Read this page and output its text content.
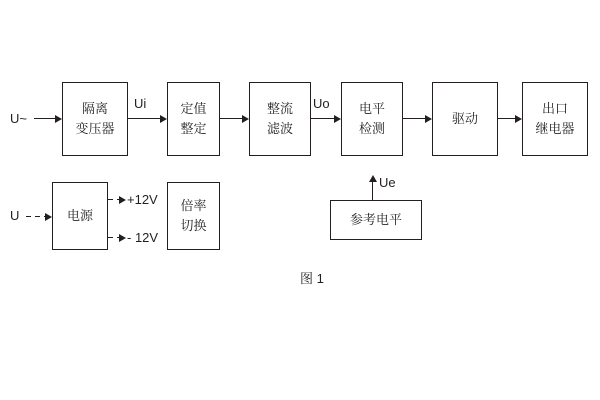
隔离
变压器
定值
整定
整流
滤波
电平
检测
驱动
出口
继电器
电源
倍率
切换	参考电平
U~
Ui	Uo
U
+12V
- 12V
Ue
图 1
